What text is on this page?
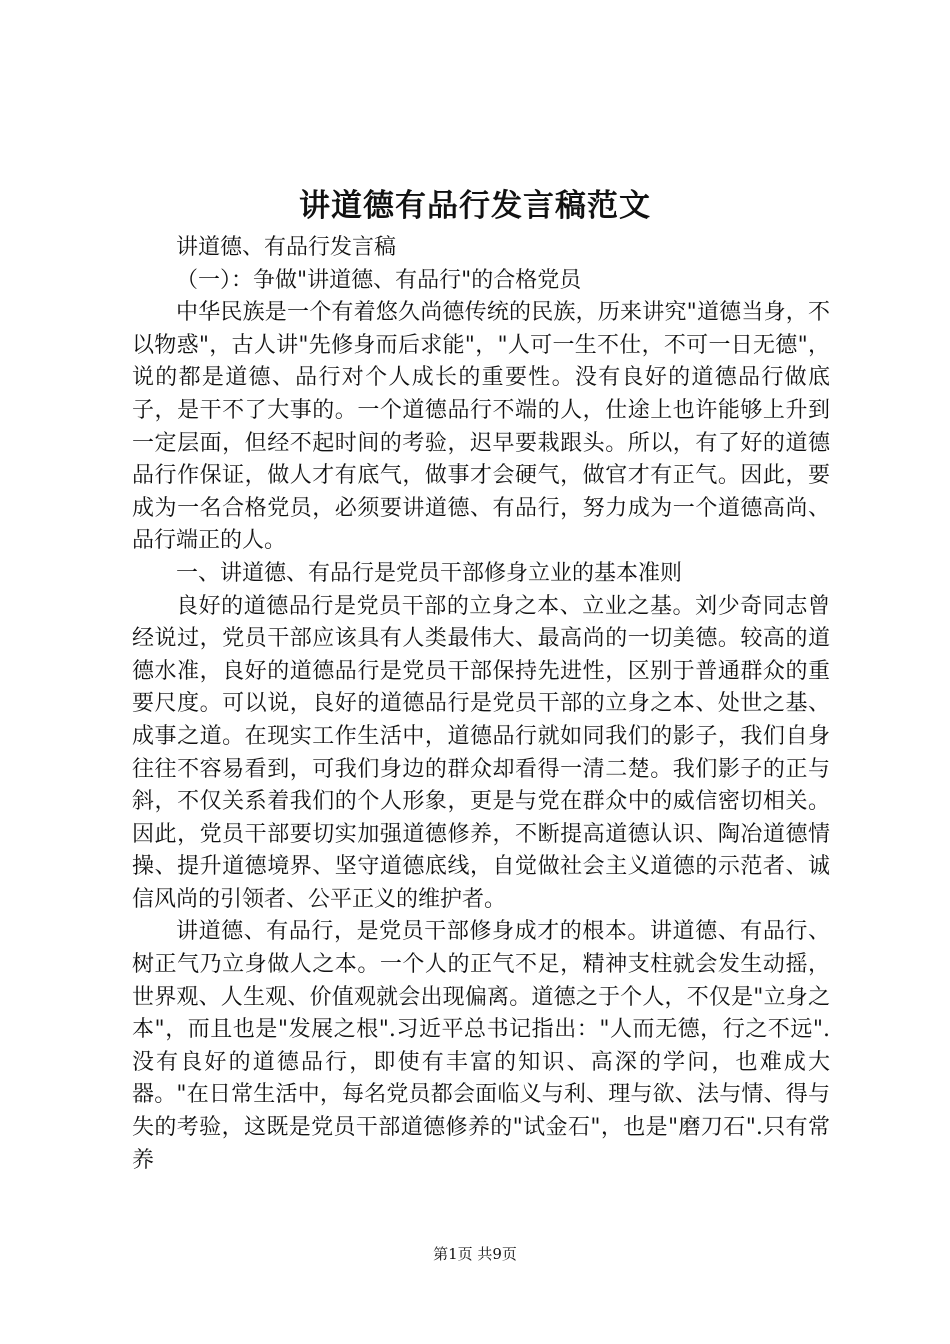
讲道德有品行发言稿范文

讲道德、有品行发言稿

（一）：争做"讲道德、有品行"的合格党员

中华民族是一个有着悠久尚德传统的民族，历来讲究"道德当身，不以物惑"，古人讲"先修身而后求能"，"人可一生不仕，不可一日无德"，说的都是道德、品行对个人成长的重要性。没有良好的道德品行做底子，是干不了大事的。一个道德品行不端的人，仕途上也许能够上升到一定层面，但经不起时间的考验，迟早要栽跟头。所以，有了好的道德品行作保证，做人才有底气，做事才会硬气，做官才有正气。因此，要成为一名合格党员，必须要讲道德、有品行，努力成为一个道德高尚、品行端正的人。

一、讲道德、有品行是党员干部修身立业的基本准则

良好的道德品行是党员干部的立身之本、立业之基。刘少奇同志曾经说过，党员干部应该具有人类最伟大、最高尚的一切美德。较高的道德水准，良好的道德品行是党员干部保持先进性，区别于普通群众的重要尺度。可以说，良好的道德品行是党员干部的立身之本、处世之基、成事之道。在现实工作生活中，道德品行就如同我们的影子，我们自身往往不容易看到，可我们身边的群众却看得一清二楚。我们影子的正与斜，不仅关系着我们的个人形象，更是与党在群众中的威信密切相关。因此，党员干部要切实加强道德修养，不断提高道德认识、陶冶道德情操、提升道德境界、坚守道德底线，自觉做社会主义道德的示范者、诚信风尚的引领者、公平正义的维护者。

讲道德、有品行，是党员干部修身成才的根本。讲道德、有品行、树正气乃立身做人之本。一个人的正气不足，精神支柱就会发生动摇，世界观、人生观、价值观就会出现偏离。道德之于个人，不仅是"立身之本"，而且也是"发展之根".习近平总书记指出："人而无德，行之不远".没有良好的道德品行，即使有丰富的知识、高深的学问，也难成大器。"在日常生活中，每名党员都会面临义与利、理与欲、法与情、得与失的考验，这既是党员干部道德修养的"试金石"，也是"磨刀石".只有常养

第1页 共9页
